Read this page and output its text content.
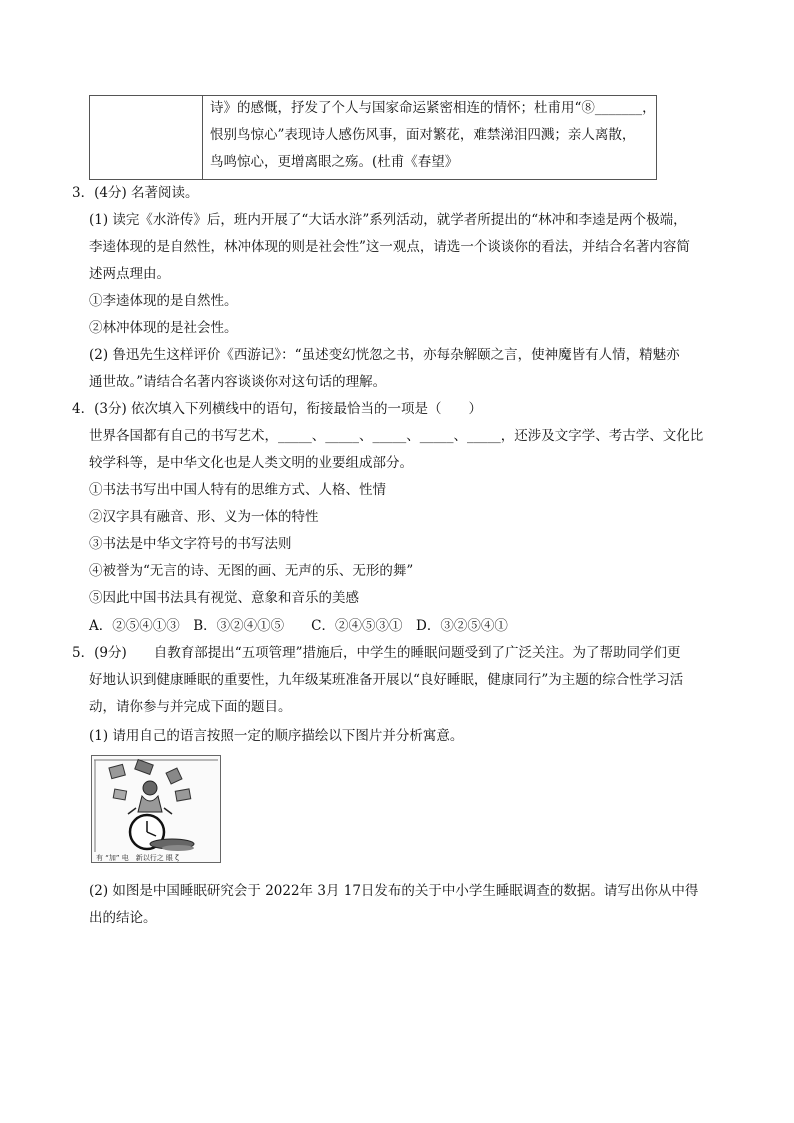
诗》的感慨，抒发了个人与国家命运紧密相连的情怀；杜甫用“⑧_______，
恨别鸟惊心”表现诗人感伤风事，面对繁花，难禁涕泪四溅；亲人离散，
鸟鸣惊心，更增离眼之殇。(杜甫《春望》
3．(4分) 名著阅读。
(1) 读完《水浒传》后，班内开展了“大话水浒”系列活动，就学者所提出的“林冲和李逵是两个极端，
李逵体现的是自然性，林冲体现的则是社会性”这一观点，请选一个谈谈你的看法，并结合名著内容简
述两点理由。
①李逵体现的是自然性。
②林冲体现的是社会性。
(2) 鲁迅先生这样评价《西游记》：“虽述变幻恍忽之书，亦每杂解颐之言，使神魔皆有人情，精魅亦
通世故。”请结合名著内容谈谈你对这句话的理解。
4．(3分) 依次填入下列横线中的语句，衔接最恰当的一项是（　　）
世界各国都有自己的书写艺术，_____、_____、_____、_____、_____，还涉及文字学、考古学、文化比
较学科等，是中华文化也是人类文明的业要组成部分。
①书法书写出中国人特有的思维方式、人格、性情
②汉字具有融音、形、义为一体的特性
③书法是中华文字符号的书写法则
④被誉为“无言的诗、无图的画、无声的乐、无形的舞”
⑤因此中国书法具有视觉、意象和音乐的美感
A．②⑤④①③　B．③②④①⑤　　C．②④⑤③①　D．③②⑤④①
5．(9分)　　自教育部提出“五项管理”措施后，中学生的睡眠问题受到了广泛关注。为了帮助同学们更
好地认识到健康睡眠的重要性，九年级某班准备开展以“良好睡眠，健康同行”为主题的综合性学习活
动，请你参与并完成下面的题目。
(1) 请用自己的语言按照一定的顺序描绘以下图片并分析寓意。
有 “加” 电　新以行之 眼 ζ
(2) 如图是中国睡眠研究会于 2022年 3月 17日发布的关于中小学生睡眠调查的数据。请写出你从中得
出的结论。
